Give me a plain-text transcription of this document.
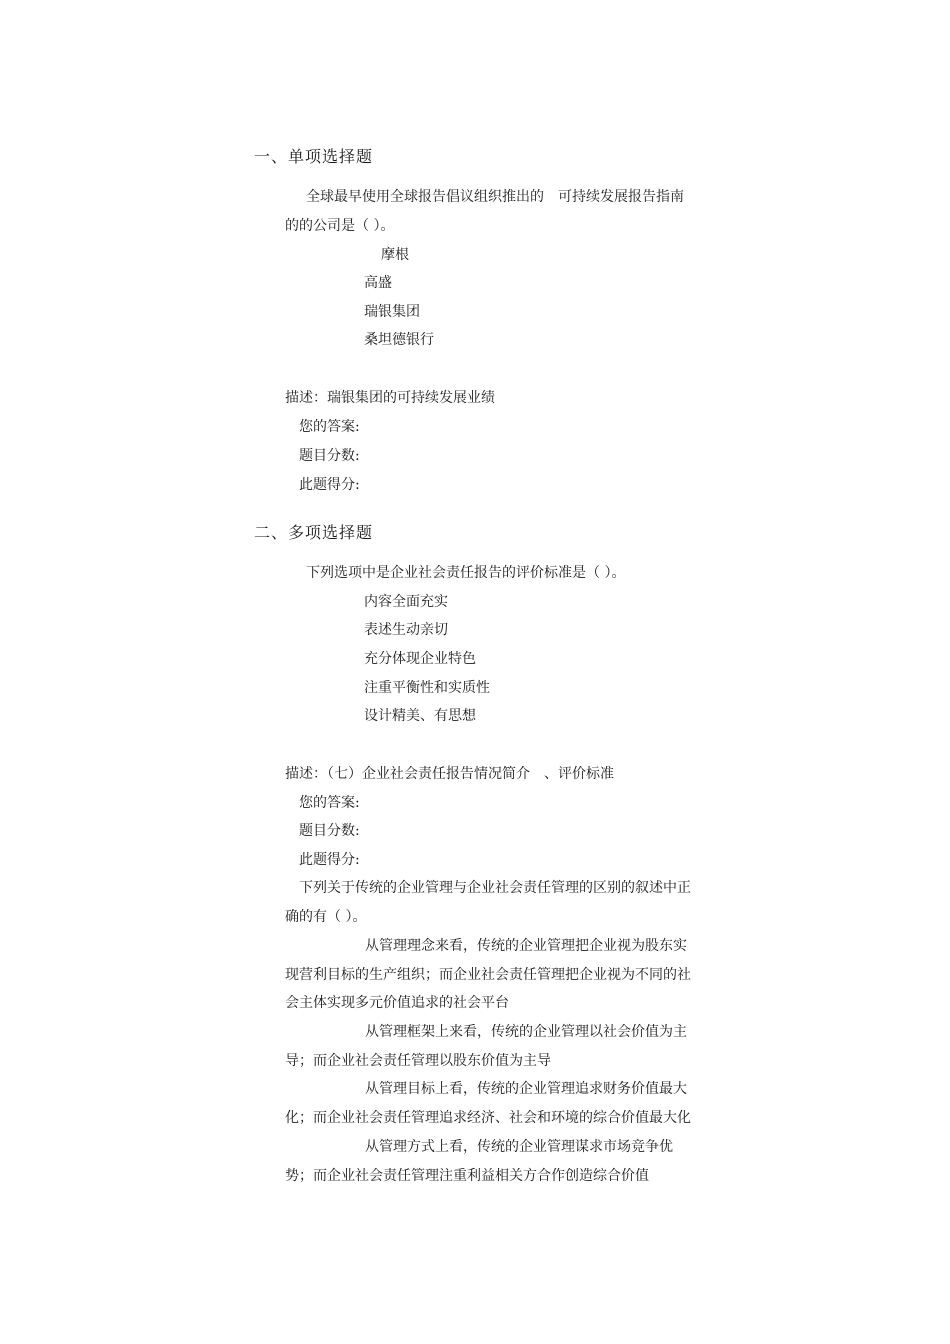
一、单项选择题
全球最早使用全球报告倡议组织推出的 可持续发展报告指南
的的公司是（ ）。
摩根
高盛
瑞银集团
桑坦德银行
描述：瑞银集团的可持续发展业绩
您的答案:
题目分数:
此题得分:
二、多项选择题
下列选项中是企业社会责任报告的评价标准是（ ）。
内容全面充实
表述生动亲切
充分体现企业特色
注重平衡性和实质性
设计精美、有思想
描述：（七）企业社会责任报告情况简介 、评价标准
您的答案:
题目分数:
此题得分:
下列关于传统的企业管理与企业社会责任管理的区别的叙述中正确的有（ ）。
从管理理念来看，传统的企业管理把企业视为股东实现营利目标的生产组织；而企业社会责任管理把企业视为不同的社会主体实现多元价值追求的社会平台
从管理框架上来看，传统的企业管理以社会价值为主导；而企业社会责任管理以股东价值为主导
从管理目标上看，传统的企业管理追求财务价值最大化；而企业社会责任管理追求经济、社会和环境的综合价值最大化
从管理方式上看，传统的企业管理谋求市场竞争优势；而企业社会责任管理注重利益相关方合作创造综合价值
